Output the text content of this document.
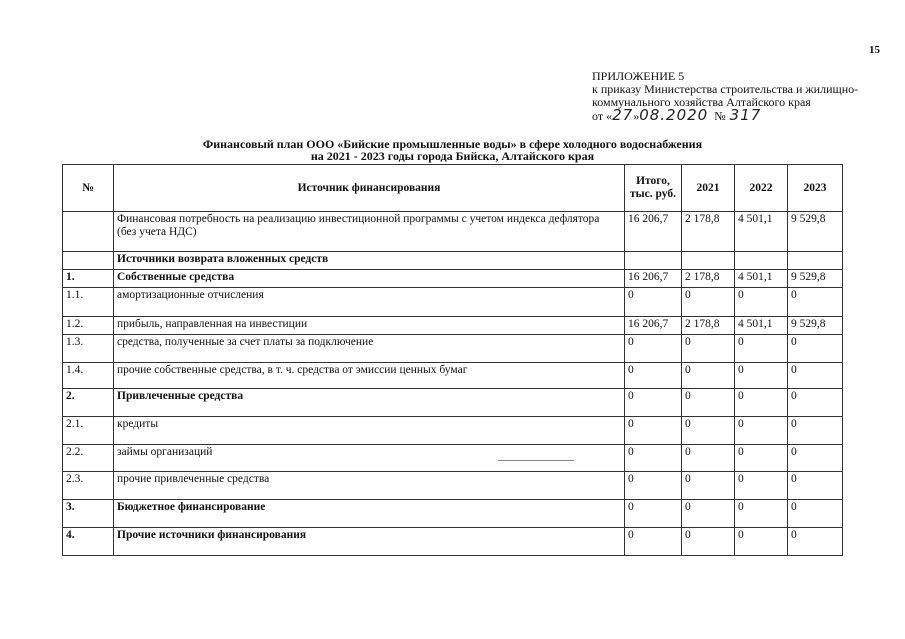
15
ПРИЛОЖЕНИЕ 5
к приказу Министерства строительства и жилищно-
коммунального хозяйства Алтайского края
от «27»08.2020 № 317
Финансовый план ООО «Бийские промышленные воды» в сфере холодного водоснабжения
на 2021 - 2023 годы города Бийска, Алтайского края
№	Источник финансирования	Итого, тыс. руб.	2021	2022	2023
	Финансовая потребность на реализацию инвестиционной программы с учетом индекса дефлятора (без учета НДС)	16 206,7	2 178,8	4 501,1	9 529,8
	Источники возврата вложенных средств				
1.	Собственные средства	16 206,7	2 178,8	4 501,1	9 529,8
1.1.	амортизационные отчисления	0	0	0	0
1.2.	прибыль, направленная на инвестиции	16 206,7	2 178,8	4 501,1	9 529,8
1.3.	средства, полученные за счет платы за подключение	0	0	0	0
1.4.	прочие собственные средства, в т. ч. средства от эмиссии ценных бумаг	0	0	0	0
2.	Привлеченные средства	0	0	0	0
2.1.	кредиты	0	0	0	0
2.2.	займы организаций	0	0	0	0
2.3.	прочие привлеченные средства	0	0	0	0
3.	Бюджетное финансирование	0	0	0	0
4.	Прочие источники финансирования	0	0	0	0
